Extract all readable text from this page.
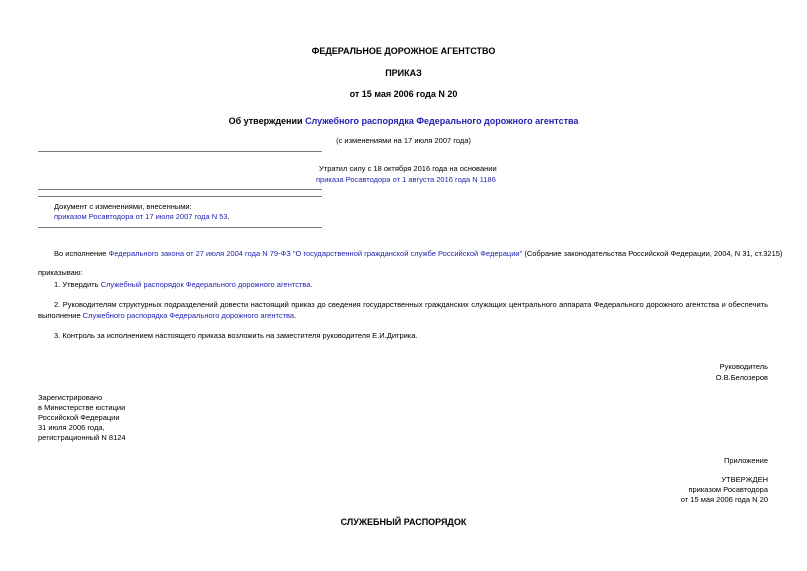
ФЕДЕРАЛЬНОЕ ДОРОЖНОЕ АГЕНТСТВО
ПРИКАЗ
от 15 мая 2006 года N 20
Об утверждении Служебного распорядка Федерального дорожного агентства
(с изменениями на 17 июля 2007 года)
Утратил силу с 18 октября 2016 года на основании
приказа Росавтодора от 1 августа 2016 года N 1186
Документ с изменениями, внесенными:
приказом Росавтодора от 17 июля 2007 года N 53.
Во исполнение Федерального закона от 27 июля 2004 года N 79-ФЗ "О государственной гражданской службе Российской Федерации" (Собрание законодательства Российской Федерации, 2004, N 31, ст.3215)
приказываю:
1. Утвердить Служебный распорядок Федерального дорожного агентства.
2. Руководителям структурных подразделений довести настоящий приказ до сведения государственных гражданских служащих центрального аппарата Федерального дорожного агентства и обеспечить выполнение Служебного распорядка Федерального дорожного агентства.
3. Контроль за исполнением настоящего приказа возложить на заместителя руководителя Е.И.Дитрика.
Руководитель
О.В.Белозеров
Зарегистрировано
в Министерстве юстиции
Российской Федерации
31 июля 2006 года,
регистрационный N 8124
Приложение
УТВЕРЖДЕН
приказом Росавтодора
от 15 мая 2006 года N 20
СЛУЖЕБНЫЙ РАСПОРЯДОК
